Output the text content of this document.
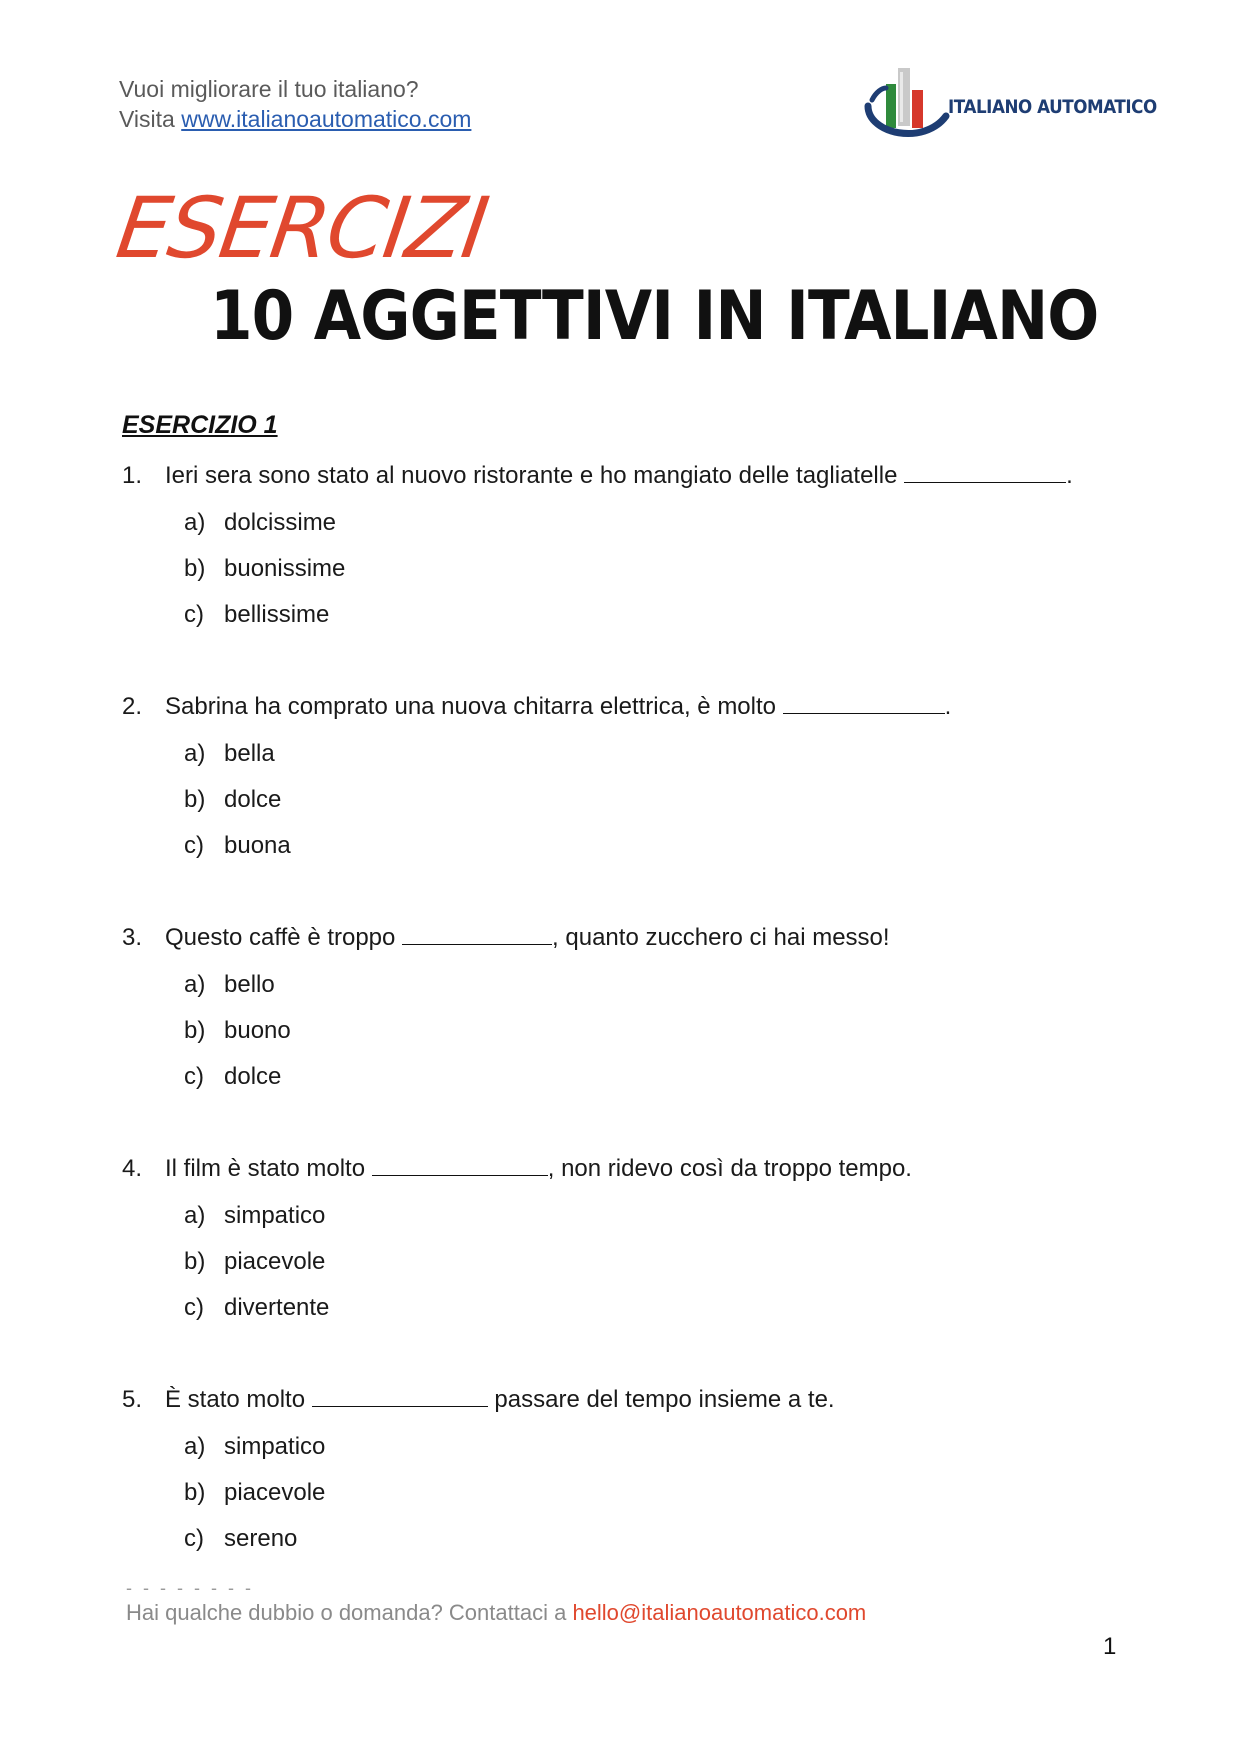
Vuoi migliorare il tuo italiano?
Visita www.italianoautomatico.com	ITALIANO AUTOMATICO
ESERCIZI
10 AGGETTIVI IN ITALIANO
ESERCIZIO 1
1. Ieri sera sono stato al nuovo ristorante e ho mangiato delle tagliatelle	.
a) dolcissime
b) buonissime
c) bellissime
2. Sabrina ha comprato una nuova chitarra elettrica, è molto	.
a) bella
b) dolce
c) buona
3. Questo caffè è troppo	, quanto zucchero ci hai messo!
a) bello
b) buono
c) dolce
4. Il film è stato molto	, non ridevo così da troppo tempo.
a) simpatico
b) piacevole
c) divertente
5. È stato molto	passare del tempo insieme a te.
a) simpatico
b) piacevole
c) sereno
- - - - - - - -
Hai qualche dubbio o domanda? Contattaci a hello@italianoautomatico.com
1
